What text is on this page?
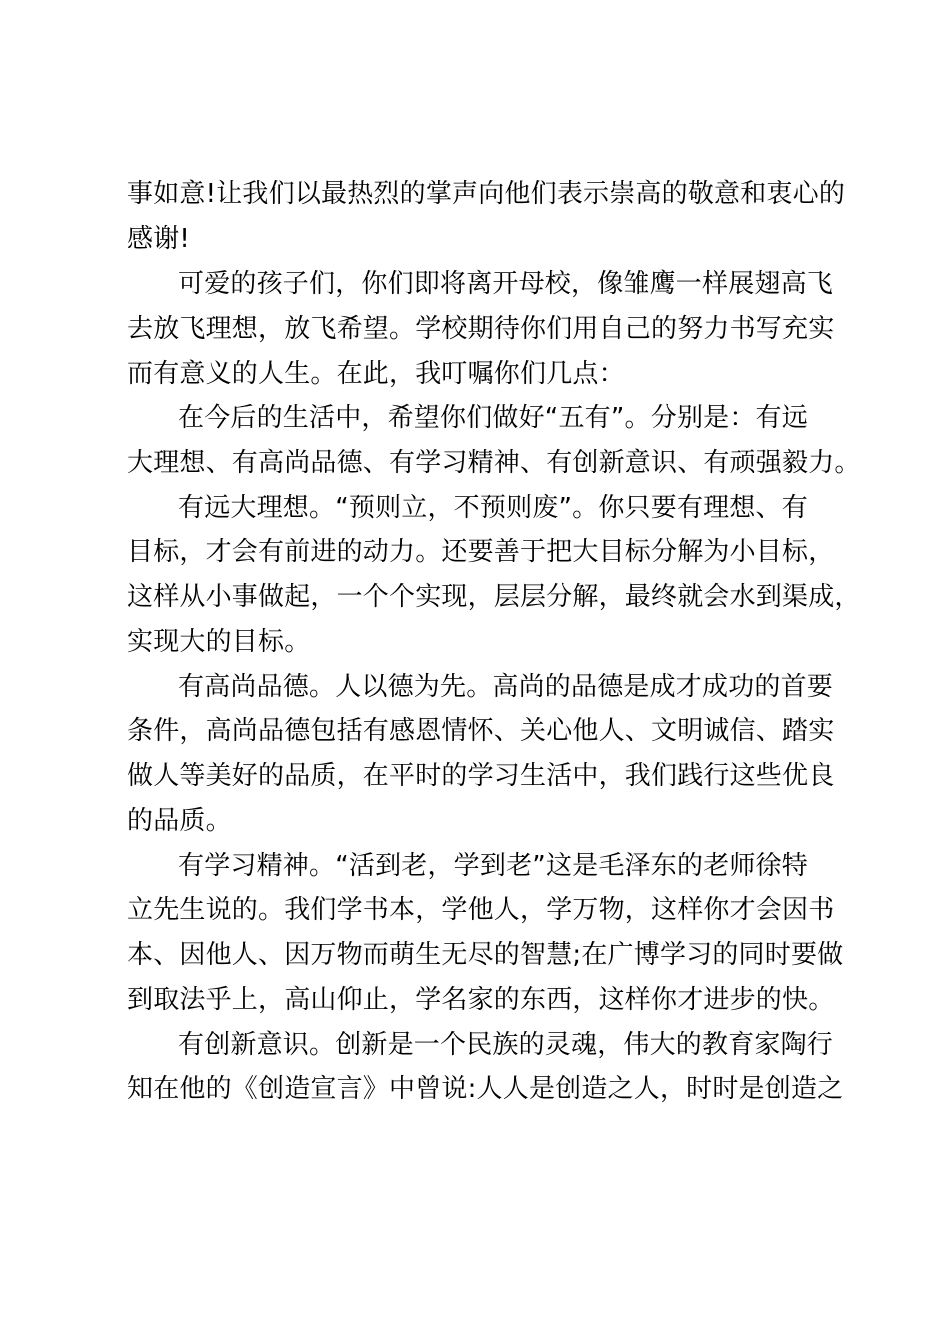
事如意!让我们以最热烈的掌声向他们表示崇高的敬意和衷心的
感谢!
可爱的孩子们，你们即将离开母校，像雏鹰一样展翅高飞
去放飞理想，放飞希望。学校期待你们用自己的努力书写充实
而有意义的人生。在此，我叮嘱你们几点：
在今后的生活中，希望你们做好“五有”。分别是：有远
大理想、有高尚品德、有学习精神、有创新意识、有顽强毅力。
有远大理想。“预则立，不预则废”。你只要有理想、有
目标，才会有前进的动力。还要善于把大目标分解为小目标，
这样从小事做起，一个个实现，层层分解，最终就会水到渠成，
实现大的目标。
有高尚品德。人以德为先。高尚的品德是成才成功的首要
条件，高尚品德包括有感恩情怀、关心他人、文明诚信、踏实
做人等美好的品质，在平时的学习生活中，我们践行这些优良
的品质。
有学习精神。“活到老，学到老”这是毛泽东的老师徐特
立先生说的。我们学书本，学他人，学万物，这样你才会因书
本、因他人、因万物而萌生无尽的智慧;在广博学习的同时要做
到取法乎上，高山仰止，学名家的东西，这样你才进步的快。
有创新意识。创新是一个民族的灵魂，伟大的教育家陶行
知在他的《创造宣言》中曾说:人人是创造之人，时时是创造之
